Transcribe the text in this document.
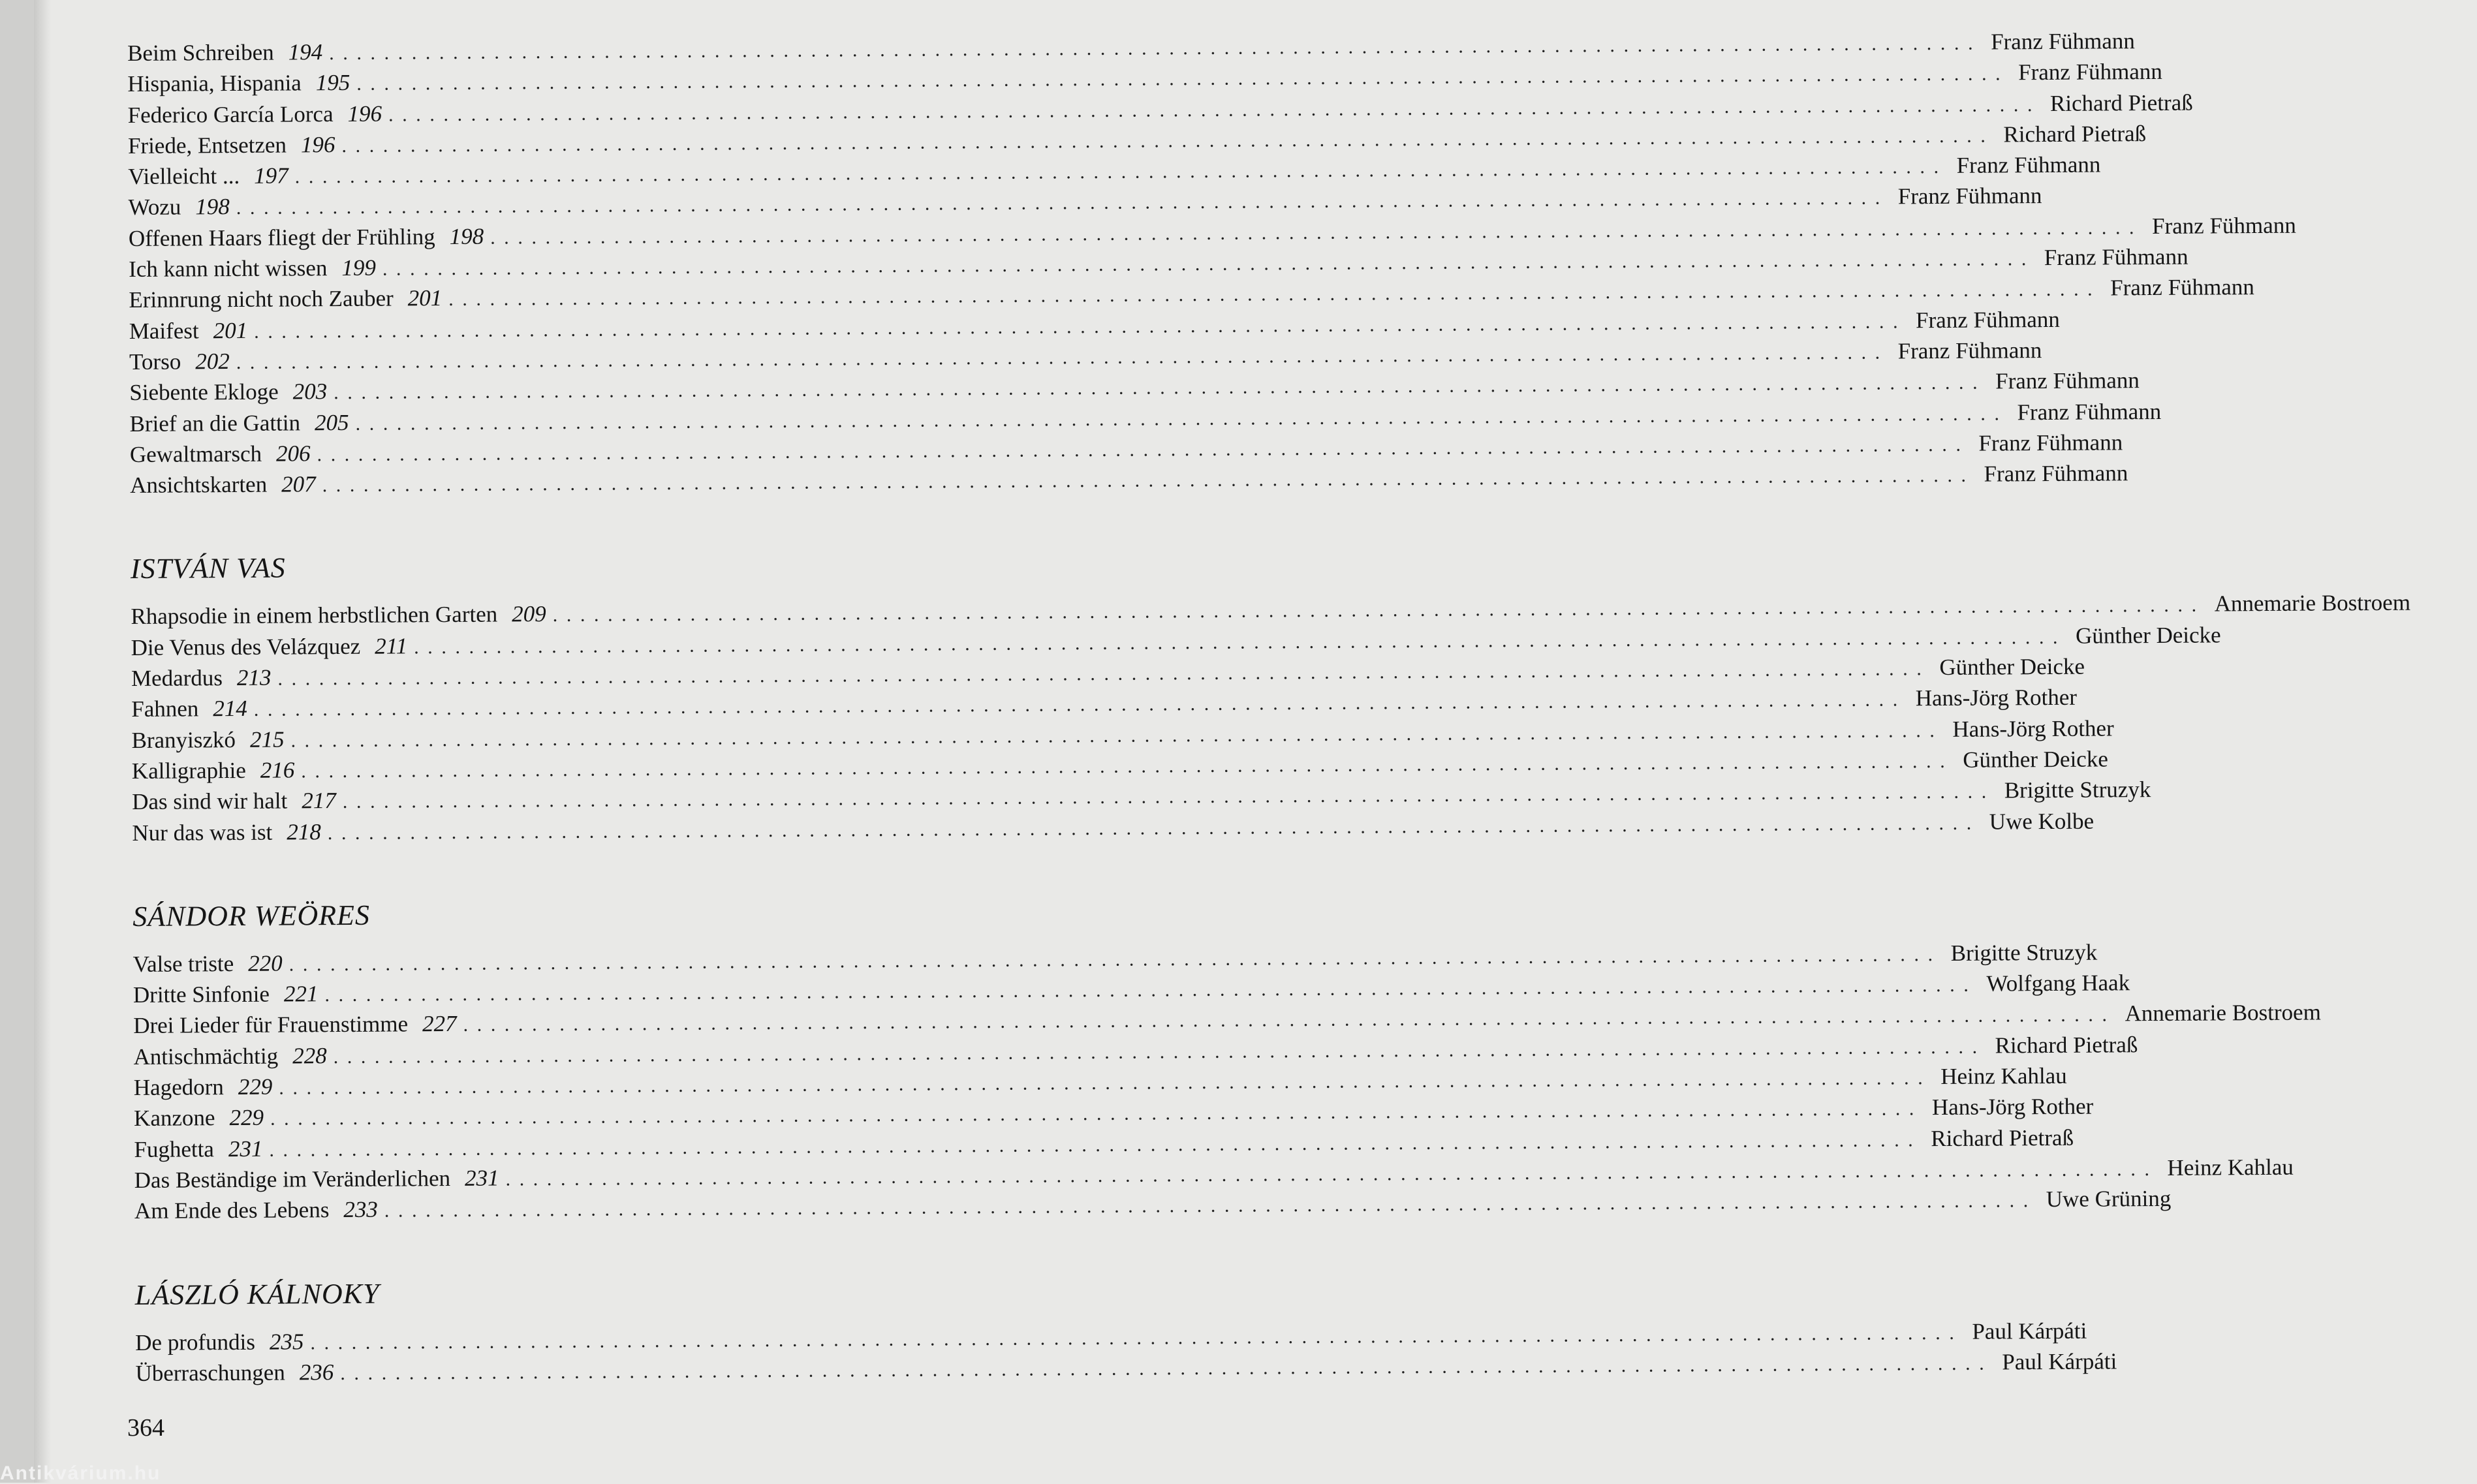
Beim Schreiben 194 ........................................................................................................................ Franz Fühmann
Hispania, Hispania 195 ........................................................................................................................ Franz Fühmann
Federico García Lorca 196 ........................................................................................................................ Richard Pietraß
Friede, Entsetzen 196 ........................................................................................................................ Richard Pietraß
Vielleicht ... 197 ........................................................................................................................ Franz Fühmann
Wozu 198 ........................................................................................................................ Franz Fühmann
Offenen Haars fliegt der Frühling 198 ........................................................................................................................ Franz Fühmann
Ich kann nicht wissen 199 ........................................................................................................................ Franz Fühmann
Erinnrung nicht noch Zauber 201 ........................................................................................................................ Franz Fühmann
Maifest 201 ........................................................................................................................ Franz Fühmann
Torso 202 ........................................................................................................................ Franz Fühmann
Siebente Ekloge 203 ........................................................................................................................ Franz Fühmann
Brief an die Gattin 205 ........................................................................................................................ Franz Fühmann
Gewaltmarsch 206 ........................................................................................................................ Franz Fühmann
Ansichtskarten 207 ........................................................................................................................ Franz Fühmann
ISTVÁN VAS
Rhapsodie in einem herbstlichen Garten 209 ........................................................................................................................ Annemarie Bostroem
Die Venus des Velázquez 211 ........................................................................................................................ Günther Deicke
Medardus 213 ........................................................................................................................ Günther Deicke
Fahnen 214 ........................................................................................................................ Hans-Jörg Rother
Branyiszkó 215 ........................................................................................................................ Hans-Jörg Rother
Kalligraphie 216 ........................................................................................................................ Günther Deicke
Das sind wir halt 217 ........................................................................................................................ Brigitte Struzyk
Nur das was ist 218 ........................................................................................................................ Uwe Kolbe
SÁNDOR WEÖRES
Valse triste 220 ........................................................................................................................ Brigitte Struzyk
Dritte Sinfonie 221 ........................................................................................................................ Wolfgang Haak
Drei Lieder für Frauenstimme 227 ........................................................................................................................ Annemarie Bostroem
Antischmächtig 228 ........................................................................................................................ Richard Pietraß
Hagedorn 229 ........................................................................................................................ Heinz Kahlau
Kanzone 229 ........................................................................................................................ Hans-Jörg Rother
Fughetta 231 ........................................................................................................................ Richard Pietraß
Das Beständige im Veränderlichen 231 ........................................................................................................................ Heinz Kahlau
Am Ende des Lebens 233 ........................................................................................................................ Uwe Grüning
LÁSZLÓ KÁLNOKY
De profundis 235 ........................................................................................................................ Paul Kárpáti
Überraschungen 236 ........................................................................................................................ Paul Kárpáti
364
Antikvárium.hu
